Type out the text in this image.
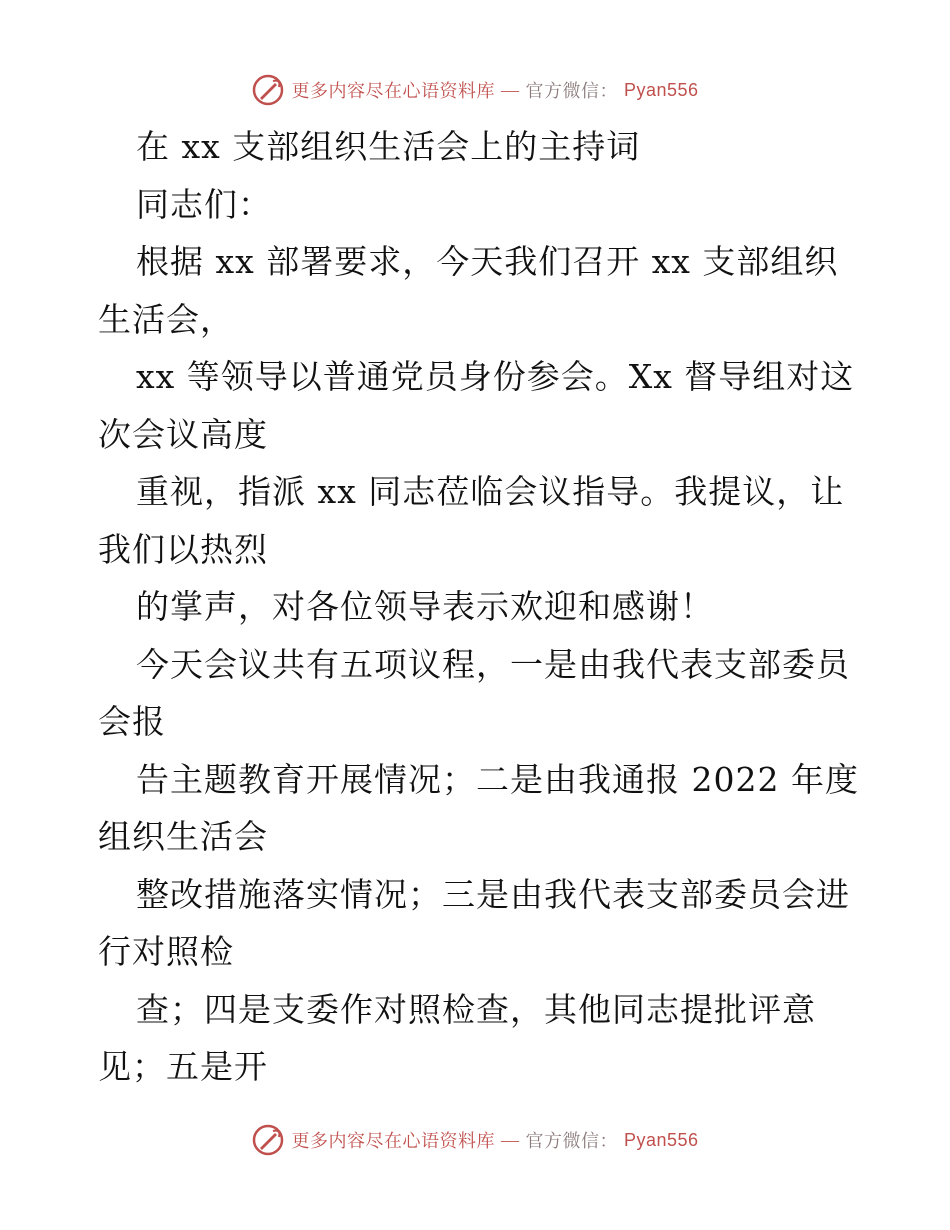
更多内容尽在心语资料库 — 官方微信： Pyan556
在 xx 支部组织生活会上的主持词
同志们：
根据 xx 部署要求，今天我们召开 xx 支部组织
生活会，
xx 等领导以普通党员身份参会。Xx 督导组对这
次会议高度
重视，指派 xx 同志莅临会议指导。我提议，让
我们以热烈
的掌声，对各位领导表示欢迎和感谢！
今天会议共有五项议程，一是由我代表支部委员
会报
告主题教育开展情况；二是由我通报 2022 年度
组织生活会
整改措施落实情况；三是由我代表支部委员会进
行对照检
查；四是支委作对照检查，其他同志提批评意
见；五是开
更多内容尽在心语资料库 — 官方微信： Pyan556
